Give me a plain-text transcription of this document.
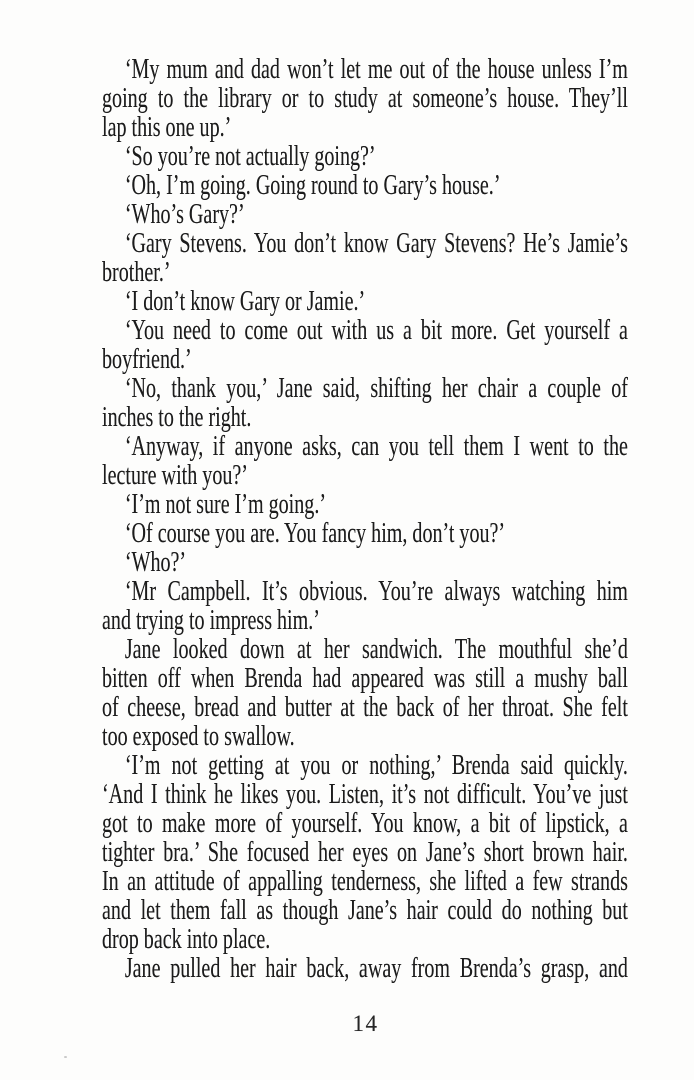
‘My mum and dad won’t let me out of the house unless I’m
going to the library or to study at someone’s house. They’ll
lap this one up.’
‘So you’re not actually going?’
‘Oh, I’m going. Going round to Gary’s house.’
‘Who’s Gary?’
‘Gary Stevens. You don’t know Gary Stevens? He’s Jamie’s
brother.’
‘I don’t know Gary or Jamie.’
‘You need to come out with us a bit more. Get yourself a
boyfriend.’
‘No, thank you,’ Jane said, shifting her chair a couple of
inches to the right.
‘Anyway, if anyone asks, can you tell them I went to the
lecture with you?’
‘I’m not sure I’m going.’
‘Of course you are. You fancy him, don’t you?’
‘Who?’
‘Mr Campbell. It’s obvious. You’re always watching him
and trying to impress him.’
Jane looked down at her sandwich. The mouthful she’d
bitten off when Brenda had appeared was still a mushy ball
of cheese, bread and butter at the back of her throat. She felt
too exposed to swallow.
‘I’m not getting at you or nothing,’ Brenda said quickly.
‘And I think he likes you. Listen, it’s not difficult. You’ve just
got to make more of yourself. You know, a bit of lipstick, a
tighter bra.’ She focused her eyes on Jane’s short brown hair.
In an attitude of appalling tenderness, she lifted a few strands
and let them fall as though Jane’s hair could do nothing but
drop back into place.
Jane pulled her hair back, away from Brenda’s grasp, and
14
